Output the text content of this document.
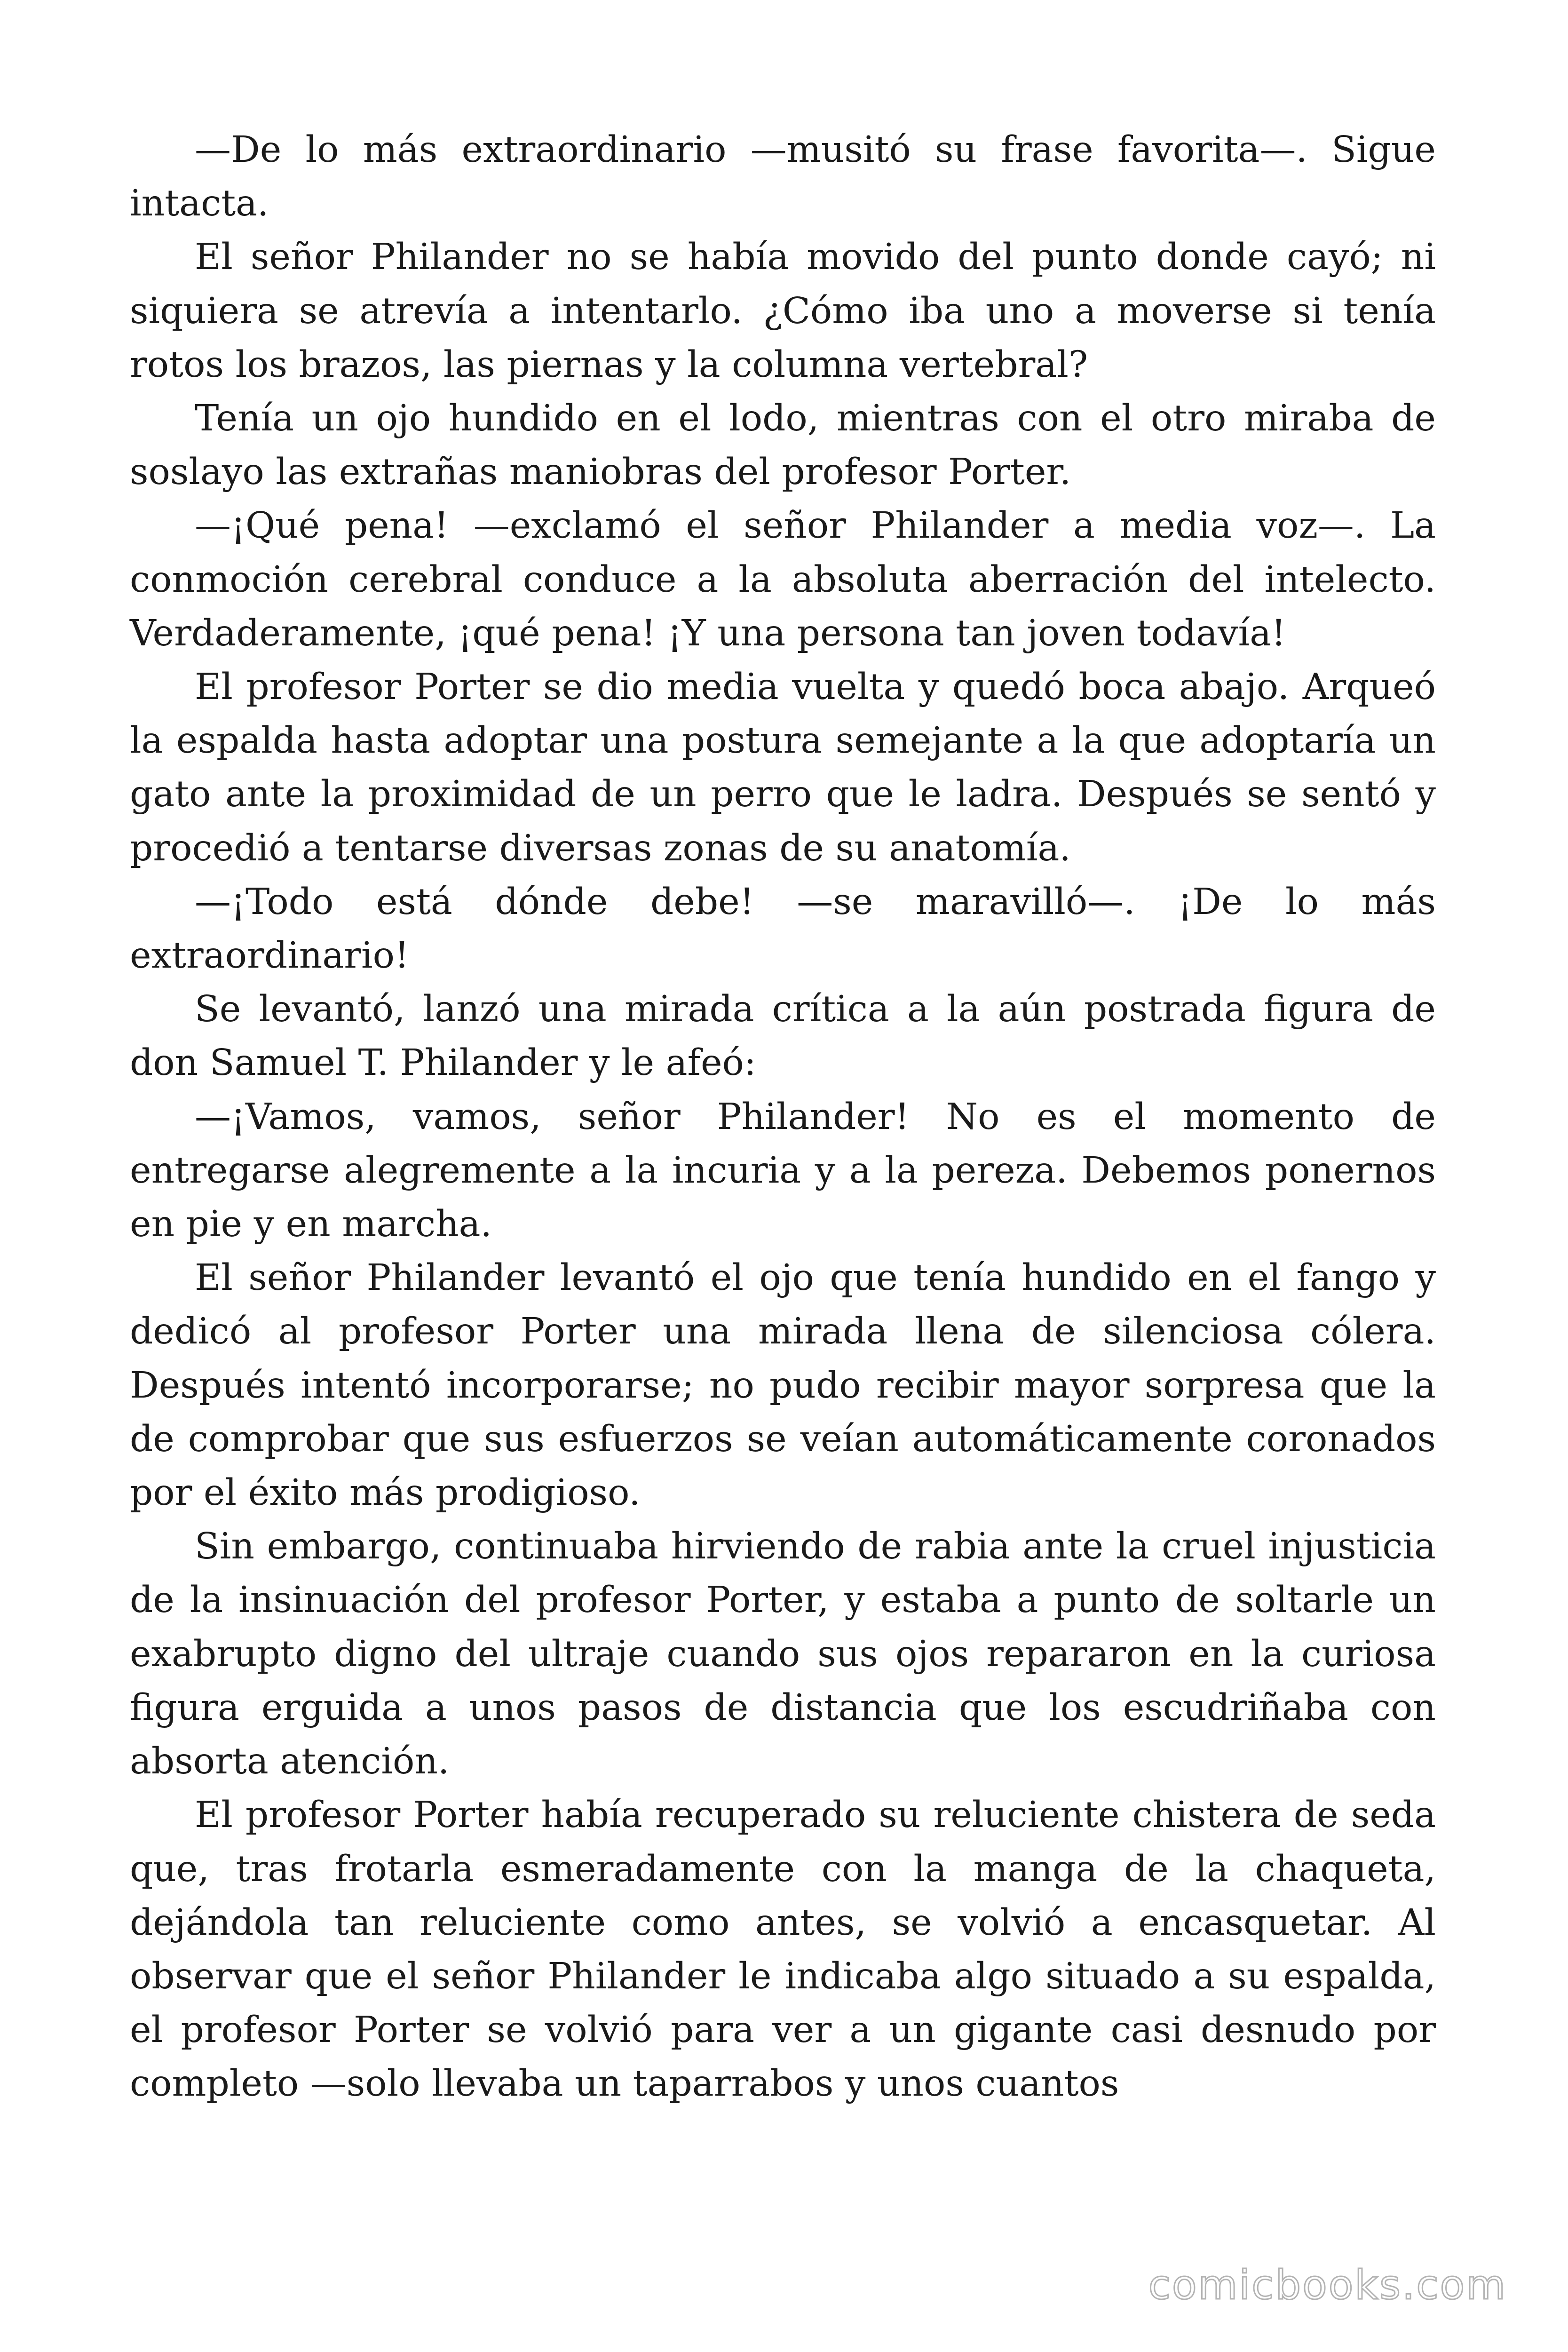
—De lo más extraordinario —musitó su frase favorita—. Sigue intacta.

El señor Philander no se había movido del punto donde cayó; ni siquiera se atrevía a intentarlo. ¿Cómo iba uno a moverse si tenía rotos los brazos, las piernas y la columna vertebral?

Tenía un ojo hundido en el lodo, mientras con el otro miraba de soslayo las extrañas maniobras del profesor Porter.

—¡Qué pena! —exclamó el señor Philander a media voz—. La conmoción cerebral conduce a la absoluta aberración del intelecto. Verdaderamente, ¡qué pena! ¡Y una persona tan joven todavía!

El profesor Porter se dio media vuelta y quedó boca abajo. Arqueó la espalda hasta adoptar una postura semejante a la que adoptaría un gato ante la proximidad de un perro que le ladra. Después se sentó y procedió a tentarse diversas zonas de su anatomía.

—¡Todo está dónde debe! —se maravilló—. ¡De lo más extraordinario!

Se levantó, lanzó una mirada crítica a la aún postrada figura de don Samuel T. Philander y le afeó:

—¡Vamos, vamos, señor Philander! No es el momento de entregarse alegremente a la incuria y a la pereza. Debemos ponernos en pie y en marcha.

El señor Philander levantó el ojo que tenía hundido en el fango y dedicó al profesor Porter una mirada llena de silenciosa cólera. Después intentó incorporarse; no pudo recibir mayor sorpresa que la de comprobar que sus esfuerzos se veían automáticamente coronados por el éxito más prodigioso.

Sin embargo, continuaba hirviendo de rabia ante la cruel injusticia de la insinuación del profesor Porter, y estaba a punto de soltarle un exabrupto digno del ultraje cuando sus ojos repararon en la curiosa figura erguida a unos pasos de distancia que los escudriñaba con absorta atención.

El profesor Porter había recuperado su reluciente chistera de seda que, tras frotarla esmeradamente con la manga de la chaqueta, dejándola tan reluciente como antes, se volvió a encasquetar. Al observar que el señor Philander le indicaba algo situado a su espalda, el profesor Porter se volvió para ver a un gigante casi desnudo por completo —solo llevaba un taparrabos y unos cuantos

comicbooks.com
